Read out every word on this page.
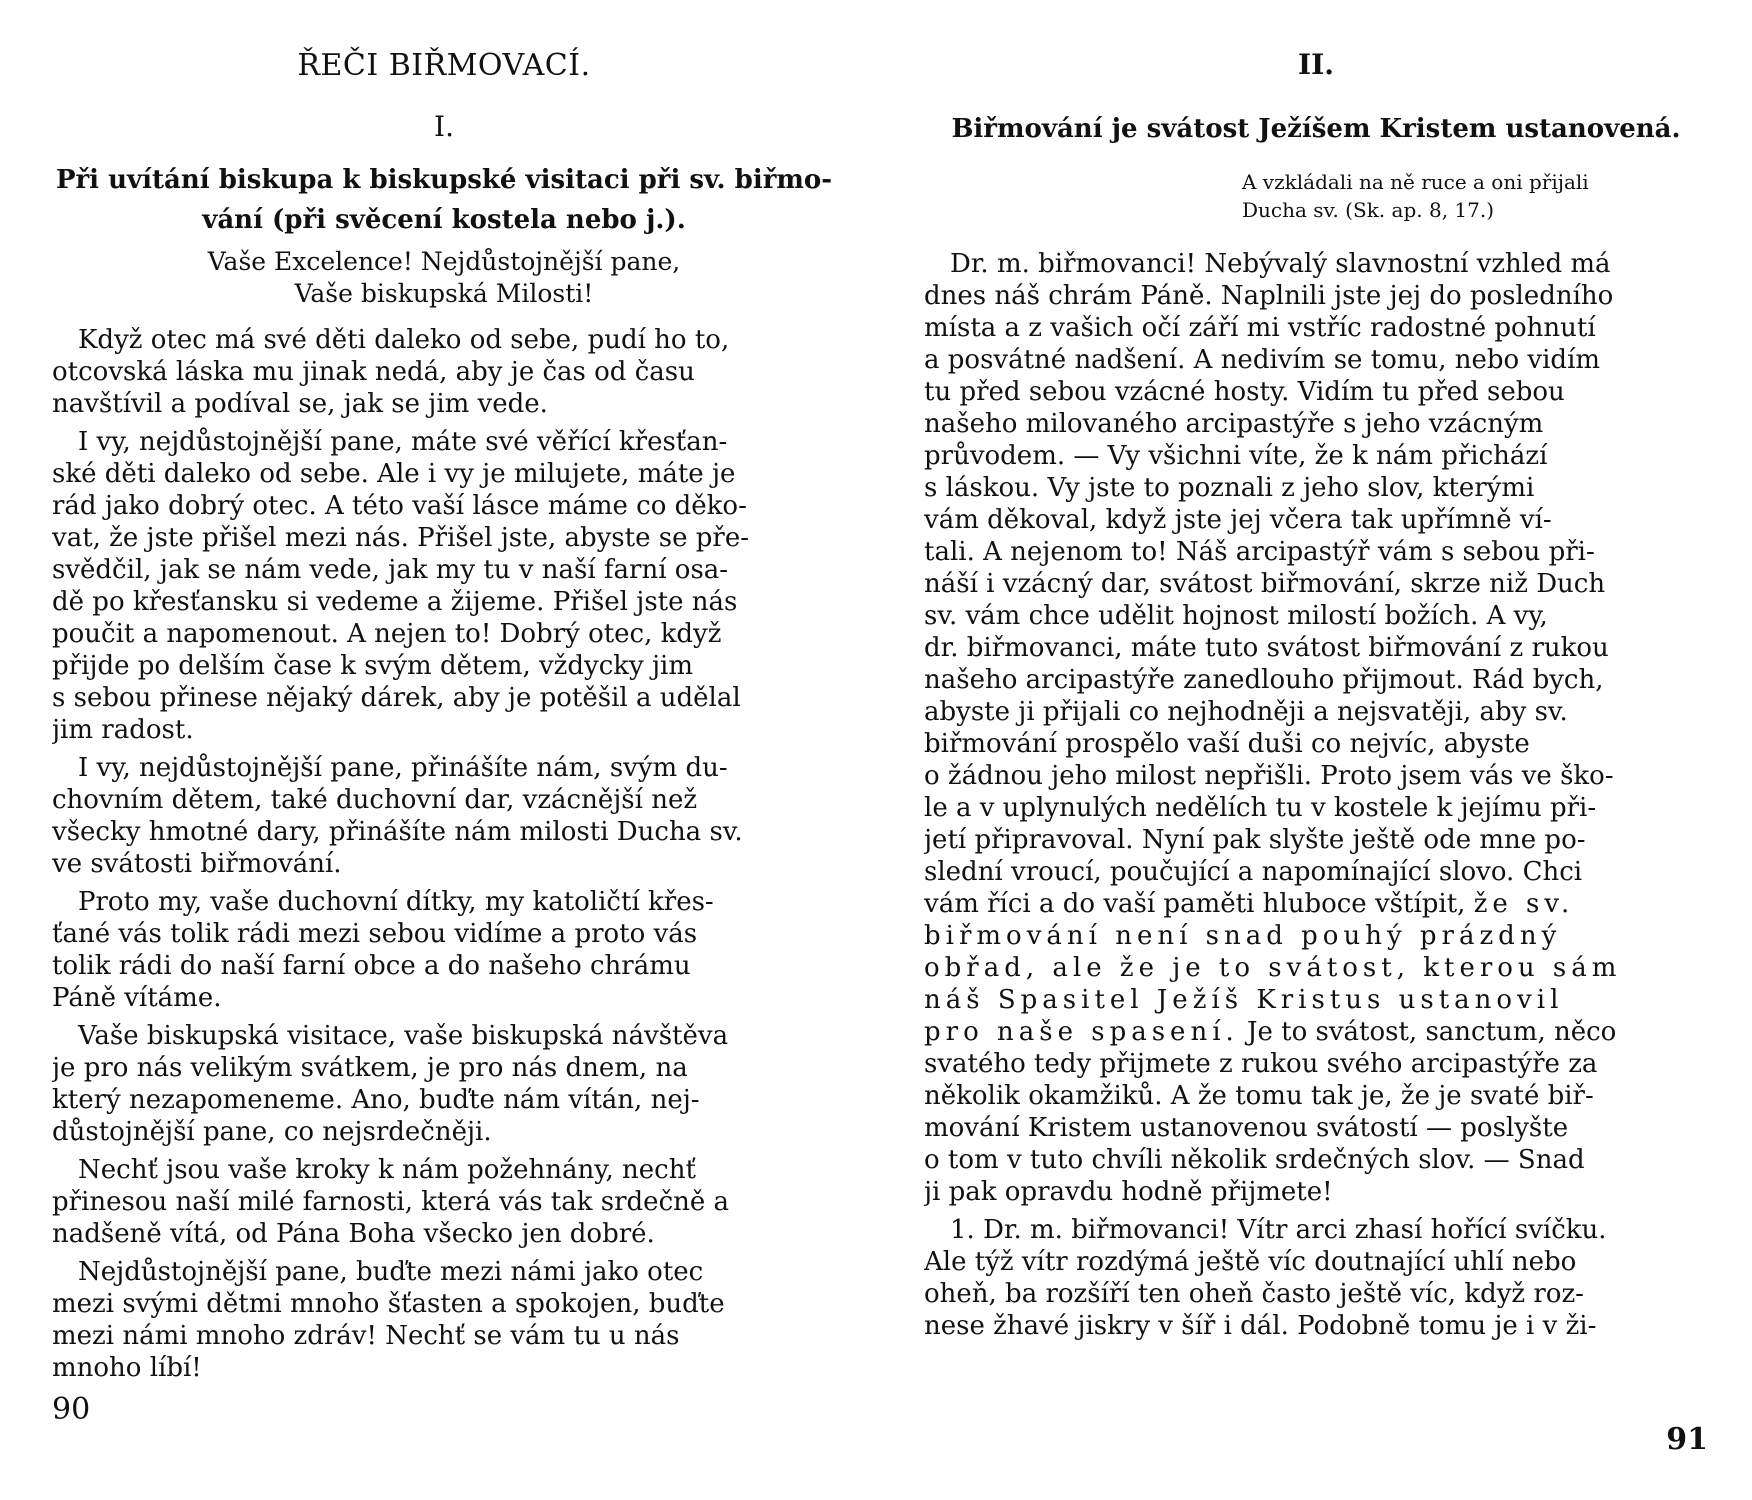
ŘEČI BIŘMOVACÍ.
I.
Při uvítání biskupa k biskupské visitaci při sv. biřmo-
vání (při svěcení kostela nebo j.).
Vaše Excelence! Nejdůstojnější pane,
Vaše biskupská Milosti!
Když otec má své děti daleko od sebe, pudí ho to,
otcovská láska mu jinak nedá, aby je čas od času
navštívil a podíval se, jak se jim vede.
I vy, nejdůstojnější pane, máte své věřící křesťan-
ské děti daleko od sebe. Ale i vy je milujete, máte je
rád jako dobrý otec. A této vaší lásce máme co děko-
vat, že jste přišel mezi nás. Přišel jste, abyste se pře-
svědčil, jak se nám vede, jak my tu v naší farní osa-
dě po křesťansku si vedeme a žijeme. Přišel jste nás
poučit a napomenout. A nejen to! Dobrý otec, když
přijde po delším čase k svým dětem, vždycky jim
s sebou přinese nějaký dárek, aby je potěšil a udělal
jim radost.
I vy, nejdůstojnější pane, přinášíte nám, svým du-
chovním dětem, také duchovní dar, vzácnější než
všecky hmotné dary, přinášíte nám milosti Ducha sv.
ve svátosti biřmování.
Proto my, vaše duchovní dítky, my katoličtí křes-
ťané vás tolik rádi mezi sebou vidíme a proto vás
tolik rádi do naší farní obce a do našeho chrámu
Páně vítáme.
Vaše biskupská visitace, vaše biskupská návštěva
je pro nás velikým svátkem, je pro nás dnem, na
který nezapomeneme. Ano, buďte nám vítán, nej-
důstojnější pane, co nejsrdečněji.
Nechť jsou vaše kroky k nám požehnány, nechť
přinesou naší milé farnosti, která vás tak srdečně a
nadšeně vítá, od Pána Boha všecko jen dobré.
Nejdůstojnější pane, buďte mezi námi jako otec
mezi svými dětmi mnoho šťasten a spokojen, buďte
mezi námi mnoho zdráv! Nechť se vám tu u nás
mnoho líbí!
90
II.
Biřmování je svátost Ježíšem Kristem ustanovená.
A vzkládali na ně ruce a oni přijali
Ducha sv. (Sk. ap. 8, 17.)
Dr. m. biřmovanci! Nebývalý slavnostní vzhled má
dnes náš chrám Páně. Naplnili jste jej do posledního
místa a z vašich očí září mi vstříc radostné pohnutí
a posvátné nadšení. A nedivím se tomu, nebo vidím
tu před sebou vzácné hosty. Vidím tu před sebou
našeho milovaného arcipastýře s jeho vzácným
průvodem. — Vy všichni víte, že k nám přichází
s láskou. Vy jste to poznali z jeho slov, kterými
vám děkoval, když jste jej včera tak upřímně ví-
tali. A nejenom to! Náš arcipastýř vám s sebou při-
náší i vzácný dar, svátost biřmování, skrze niž Duch
sv. vám chce udělit hojnost milostí božích. A vy,
dr. biřmovanci, máte tuto svátost biřmování z rukou
našeho arcipastýře zanedlouho přijmout. Rád bych,
abyste ji přijali co nejhodněji a nejsvatěji, aby sv.
biřmování prospělo vaší duši co nejvíc, abyste
o žádnou jeho milost nepřišli. Proto jsem vás ve ško-
le a v uplynulých nedělích tu v kostele k jejímu při-
jetí připravoval. Nyní pak slyšte ještě ode mne po-
slední vroucí, poučující a napomínající slovo. Chci
vám říci a do vaší paměti hluboce vštípit, že sv.
biřmování není snad pouhý prázdný
obřad, ale že je to svátost, kterou sám
náš Spasitel Ježíš Kristus ustanovil
pro naše spasení. Je to svátost, sanctum, něco
svatého tedy přijmete z rukou svého arcipastýře za
několik okamžiků. A že tomu tak je, že je svaté biř-
mování Kristem ustanovenou svátostí — poslyšte
o tom v tuto chvíli několik srdečných slov. — Snad
ji pak opravdu hodně přijmete!
1. Dr. m. biřmovanci! Vítr arci zhasí hořící svíčku.
Ale týž vítr rozdýmá ještě víc doutnající uhlí nebo
oheň, ba rozšíří ten oheň často ještě víc, když roz-
nese žhavé jiskry v šíř i dál. Podobně tomu je i v ži-
91
